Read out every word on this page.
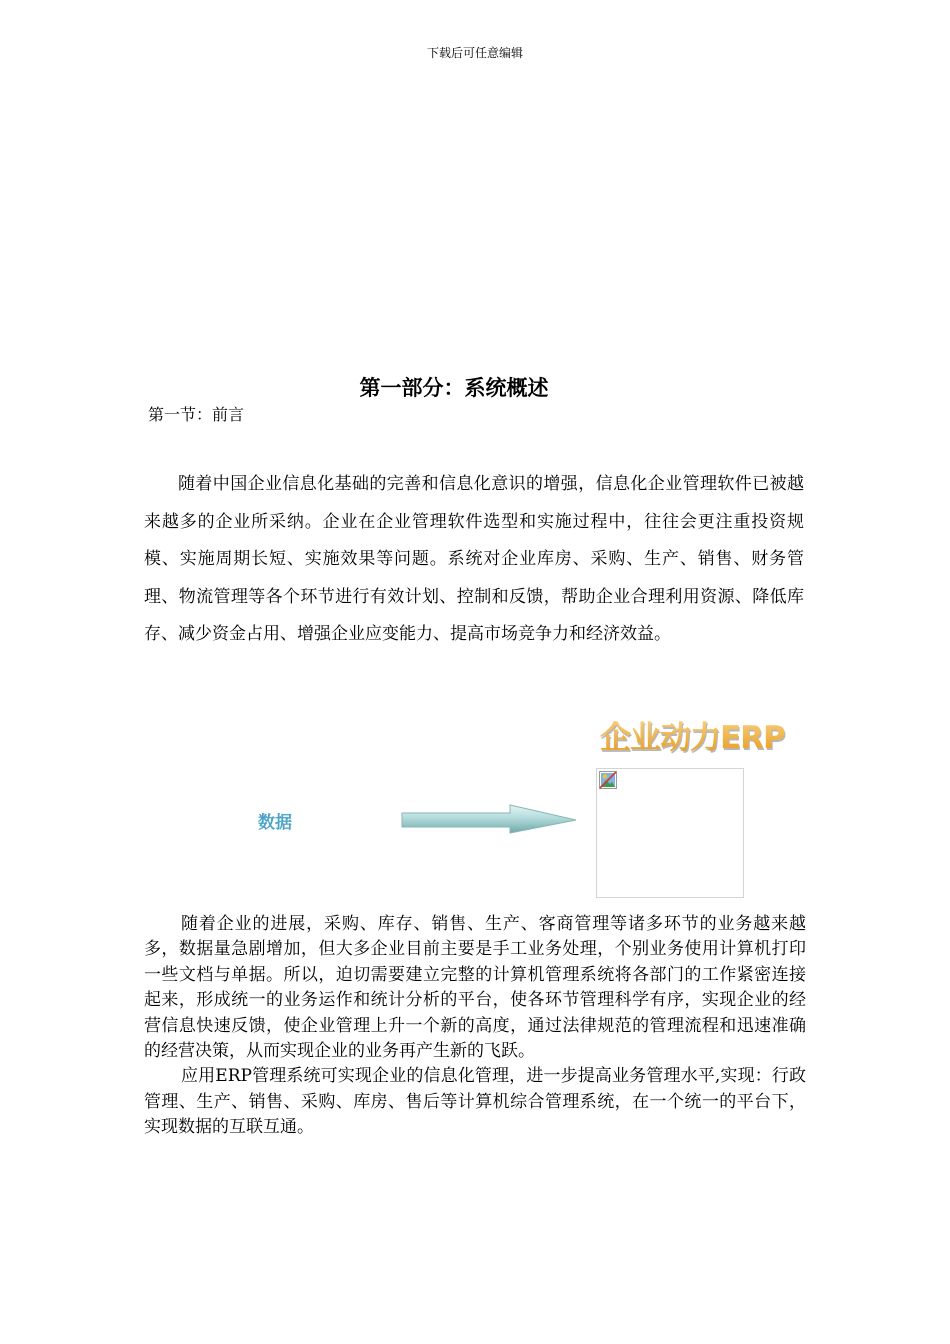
下载后可任意编辑
第一部分：系统概述
第一节：前言

随着中国企业信息化基础的完善和信息化意识的增强，信息化企业管理软件已被越来越多的企业所采纳。企业在企业管理软件选型和实施过程中，往往会更注重投资规模、实施周期长短、实施效果等问题。系统对企业库房、采购、生产、销售、财务管理、物流管理等各个环节进行有效计划、控制和反馈，帮助企业合理利用资源、降低库存、减少资金占用、增强企业应变能力、提高市场竞争力和经济效益。

企业动力ERP
数据

随着企业的进展，采购、库存、销售、生产、客商管理等诸多环节的业务越来越多，数据量急剧增加，但大多企业目前主要是手工业务处理，个别业务使用计算机打印一些文档与单据。所以，迫切需要建立完整的计算机管理系统将各部门的工作紧密连接起来，形成统一的业务运作和统计分析的平台，使各环节管理科学有序，实现企业的经营信息快速反馈，使企业管理上升一个新的高度，通过法律规范的管理流程和迅速准确的经营决策，从而实现企业的业务再产生新的飞跃。

应用ERP管理系统可实现企业的信息化管理，进一步提高业务管理水平,实现：行政管理、生产、销售、采购、库房、售后等计算机综合管理系统，在一个统一的平台下，实现数据的互联互通。
